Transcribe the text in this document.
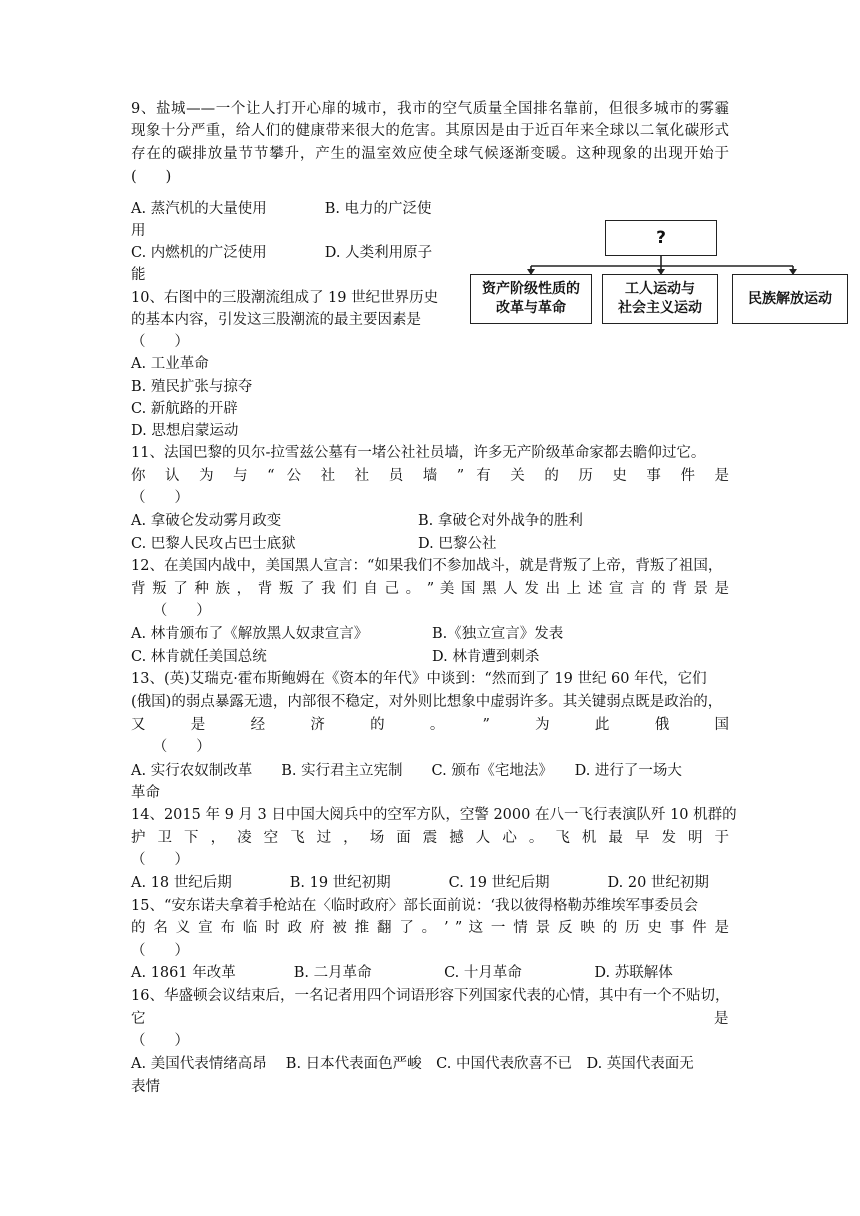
9、盐城——一个让人打开心扉的城市，我市的空气质量全国排名靠前，但很多城市的雾霾
现象十分严重，给人们的健康带来很大的危害。其原因是由于近百年来全球以二氧化碳形式
存在的碳排放量节节攀升，产生的温室效应使全球气候逐渐变暖。这种现象的出现开始于
(　　)
A. 蒸汽机的大量使用　　　　B. 电力的广泛使
用
C. 内燃机的广泛使用　　　　D. 人类利用原子
能
10、右图中的三股潮流组成了 19 世纪世界历史
的基本内容，引发这三股潮流的最主要因素是
（　　）
A. 工业革命
B. 殖民扩张与掠夺
C. 新航路的开辟
D. 思想启蒙运动
?
资产阶级性质的
改革与革命
工人运动与
社会主义运动
民族解放运动
11、法国巴黎的贝尔-拉雪兹公墓有一堵公社社员墙，许多无产阶级革命家都去瞻仰过它。
你 认 为 与 “ 公 社 社 员 墙 ” 有 关 的 历 史 事 件 是
（　　）
A. 拿破仑发动雾月政变	B. 拿破仑对外战争的胜利
C. 巴黎人民攻占巴士底狱	D. 巴黎公社
12、在美国内战中，美国黑人宣言：“如果我们不参加战斗，就是背叛了上帝，背叛了祖国，
背 叛 了 种 族 ， 背 叛 了 我 们 自 己 。 ” 美 国 黑 人 发 出 上 述 宣 言 的 背 景 是
　　（　　）
A. 林肯颁布了《解放黑人奴隶宣言》	B.《独立宣言》发表
C. 林肯就任美国总统	D. 林肯遭到刺杀
13、(英)艾瑞克·霍布斯鲍姆在《资本的年代》中谈到：“然而到了 19 世纪 60 年代，它们
(俄国)的弱点暴露无遗，内部很不稳定，对外则比想象中虚弱许多。其关键弱点既是政治的，
又　　　是　　　经　　　济　　　的　　　。　　　”　　　为　　　此　　　俄　　　国
　　（　　）
A. 实行农奴制改革　　B. 实行君主立宪制　　C. 颁布《宅地法》　　D. 进行了一场大
革命
14、2015 年 9 月 3 日中国大阅兵中的空军方队，空警 2000 在八一飞行表演队歼 10 机群的
护 卫 下 ， 凌 空 飞 过 ， 场 面 震 撼 人 心 。 飞 机 最 早 发 明 于
（　　）
A. 18 世纪后期　　　　B. 19 世纪初期　　　　C. 19 世纪后期　　　　D. 20 世纪初期
15、“安东诺夫拿着手枪站在〈临时政府〉部长面前说：‘我以彼得格勒苏维埃军事委员会
的 名 义 宣 布 临 时 政 府 被 推 翻 了 。 ’ ” 这 一 情 景 反 映 的 历 史 事 件 是
（　　）
A. 1861 年改革　　　　B. 二月革命　　　　　C. 十月革命　　　　　D. 苏联解体
16、华盛顿会议结束后，一名记者用四个词语形容下列国家代表的心情，其中有一个不贴切，
它	是
（　　）
A. 美国代表情绪高昂　 B. 日本代表面色严峻　C. 中国代表欣喜不已　D. 英国代表面无
表情
